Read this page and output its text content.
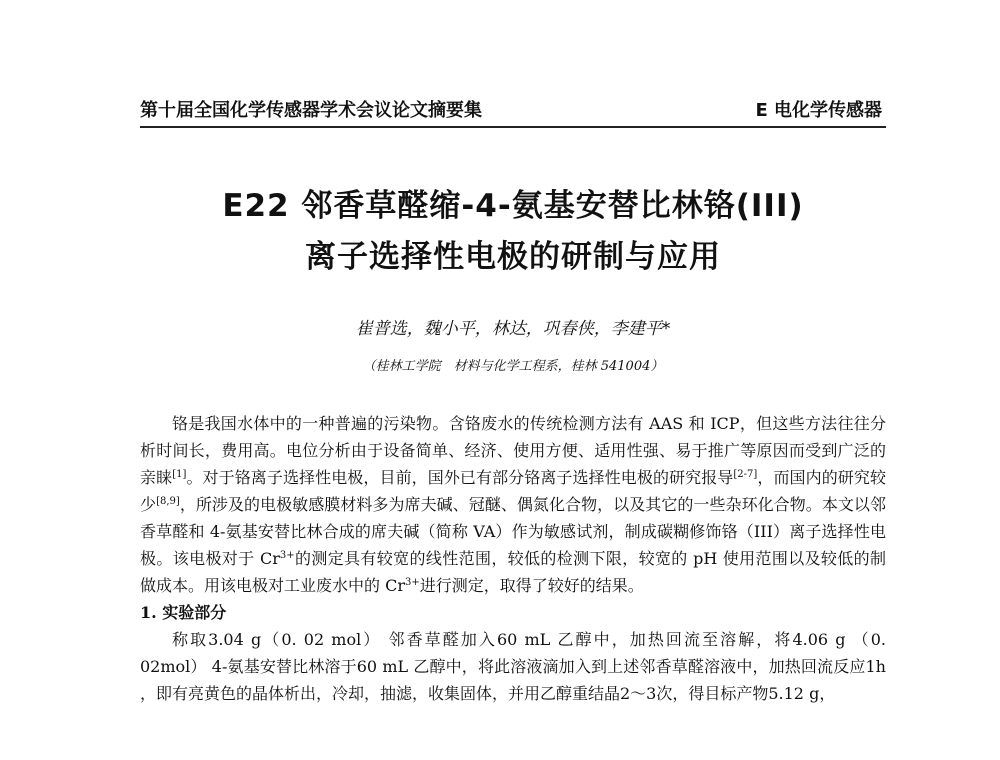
第十届全国化学传感器学术会议论文摘要集	E 电化学传感器
E22 邻香草醛缩-4-氨基安替比林铬(III)
离子选择性电极的研制与应用
崔普选，魏小平，林达，巩春侠，李建平*
（桂林工学院　材料与化学工程系，桂林 541004）

铬是我国水体中的一种普遍的污染物。含铬废水的传统检测方法有 AAS 和 ICP，但这些方法往往分析时间长，费用高。电位分析由于设备简单、经济、使用方便、适用性强、易于推广等原因而受到广泛的亲睐[1]。对于铬离子选择性电极，目前，国外已有部分铬离子选择性电极的研究报导[2-7]，而国内的研究较少[8,9]，所涉及的电极敏感膜材料多为席夫碱、冠醚、偶氮化合物，以及其它的一些杂环化合物。本文以邻香草醛和 4-氨基安替比林合成的席夫碱（简称 VA）作为敏感试剂，制成碳糊修饰铬（III）离子选择性电极。该电极对于 $Cr^{3+}$的测定具有较宽的线性范围，较低的检测下限，较宽的 pH 使用范围以及较低的制做成本。用该电极对工业废水中的 $Cr^{3+}$进行测定，取得了较好的结果。

1. 实验部分

称取3.04 g（0. 02 mol） 邻香草醛加入60 mL 乙醇中，加热回流至溶解，将4.06 g （0. 02mol） 4-氨基安替比林溶于60 mL 乙醇中，将此溶液滴加入到上述邻香草醛溶液中，加热回流反应1h ，即有亮黄色的晶体析出，冷却，抽滤，收集固体，并用乙醇重结晶2～3次，得目标产物5.12 g，
